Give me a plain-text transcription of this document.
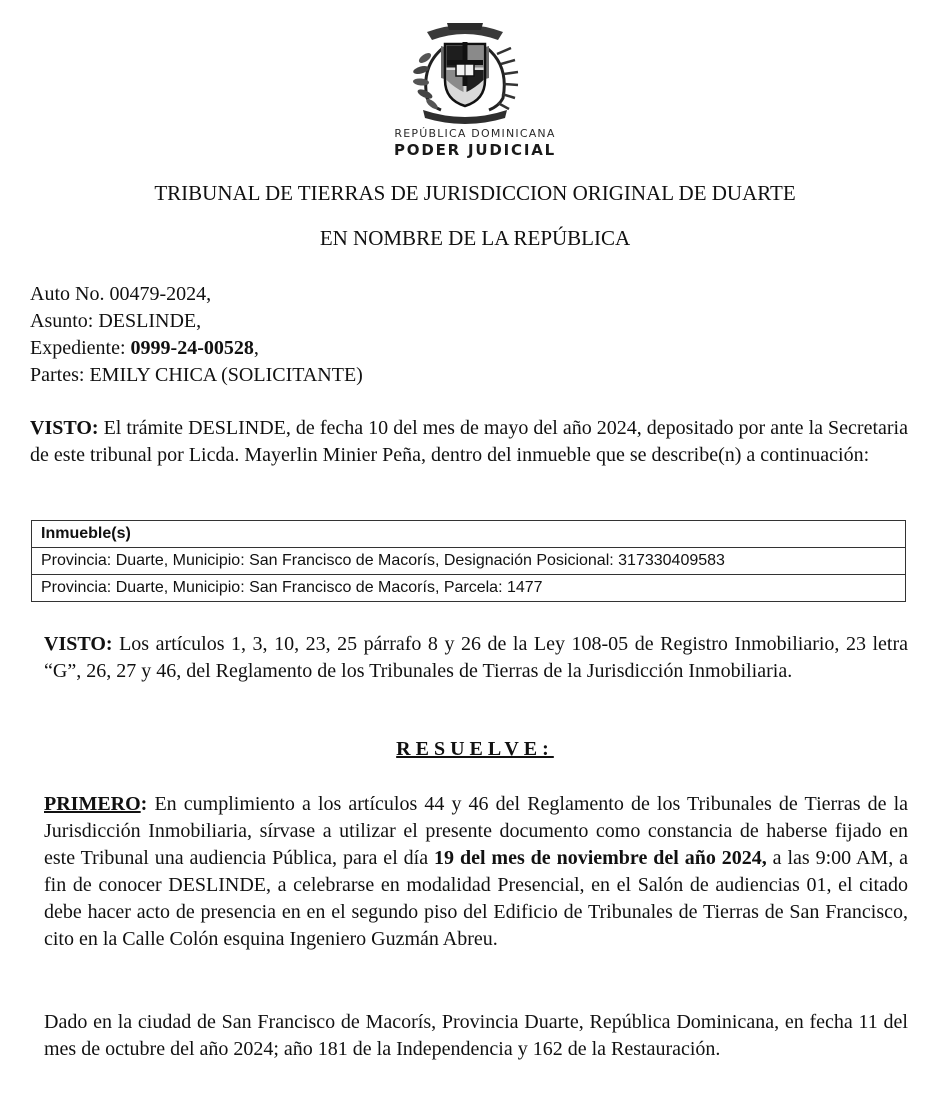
REPÚBLICA DOMINICANA
PODER JUDICIAL
TRIBUNAL DE TIERRAS DE JURISDICCION ORIGINAL DE DUARTE
EN NOMBRE DE LA REPÚBLICA
Auto No. 00479-2024,
Asunto: DESLINDE,
Expediente: 0999-24-00528,
Partes: EMILY CHICA (SOLICITANTE)
VISTO: El trámite DESLINDE, de fecha 10 del mes de mayo del año 2024, depositado por ante la Secretaria de este tribunal por Licda. Mayerlin Minier Peña, dentro del inmueble que se describe(n) a continuación:
Inmueble(s)
Provincia: Duarte, Municipio: San Francisco de Macorís, Designación Posicional: 317330409583
Provincia: Duarte, Municipio: San Francisco de Macorís, Parcela: 1477
VISTO: Los artículos 1, 3, 10, 23, 25 párrafo 8 y 26 de la Ley 108-05 de Registro Inmobiliario, 23 letra “G”, 26, 27 y 46, del Reglamento de los Tribunales de Tierras de la Jurisdicción Inmobiliaria.
RESUELVE:
PRIMERO: En cumplimiento a los artículos 44 y 46 del Reglamento de los Tribunales de Tierras de la Jurisdicción Inmobiliaria, sírvase a utilizar el presente documento como constancia de haberse fijado en este Tribunal una audiencia Pública, para el día 19 del mes de noviembre del año 2024, a las 9:00 AM, a fin de conocer DESLINDE, a celebrarse en modalidad Presencial, en el Salón de audiencias 01, el citado debe hacer acto de presencia en en el segundo piso del Edificio de Tribunales de Tierras de San Francisco, cito en la Calle Colón esquina Ingeniero Guzmán Abreu.
Dado en la ciudad de San Francisco de Macorís, Provincia Duarte, República Dominicana, en fecha 11 del mes de octubre del año 2024; año 181 de la Independencia y 162 de la Restauración.
